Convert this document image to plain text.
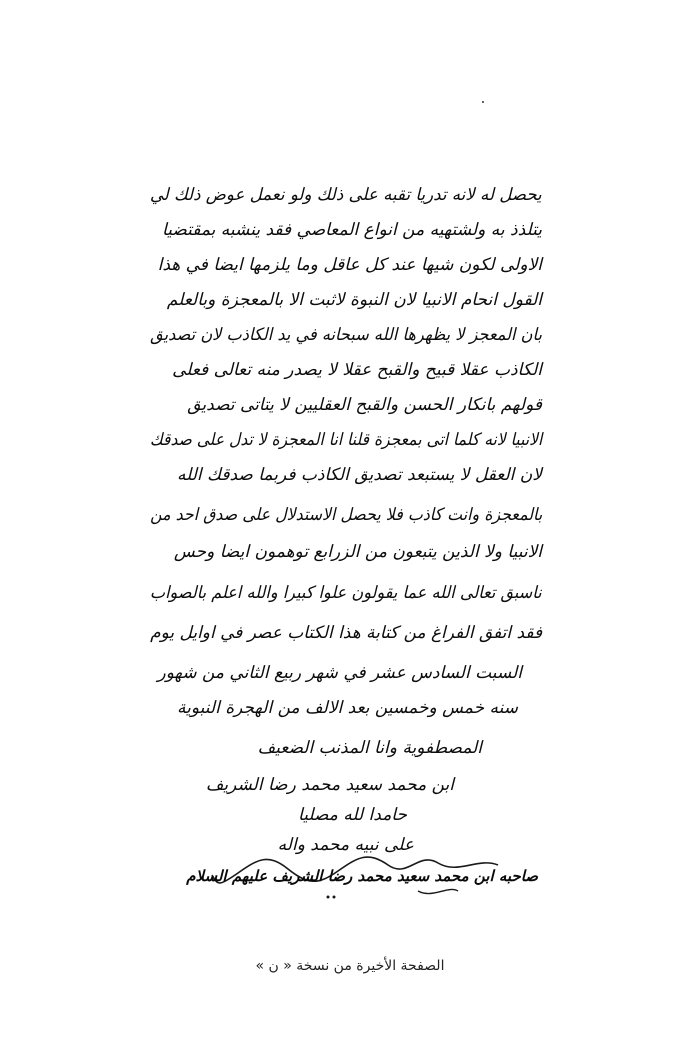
يحصل له لانه تدريا تقبه على ذلك ولو نعمل عوض ذلك لي
يتلذذ به ولشتهيه من انواع المعاصي فقد ينشبه بمقتضيا
الاولى لكون شيها عند كل عاقل وما يلزمها ايضا في هذا
القول انحام الانبيا لان النبوة لاثبت الا بالمعجزة وبالعلم
بان المعجز لا يظهرها الله سبحانه في يد الكاذب لان تصديق
الكاذب عقلا قبيح والقبح عقلا لا يصدر منه تعالى فعلى
قولهم بانكار الحسن والقبح العقليين لا يتاتى تصديق
الانبيا لانه كلما اتى بمعجزة قلنا انا المعجزة لا تدل على صدقك
لان العقل لا يستبعد تصديق الكاذب فربما صدقك الله
بالمعجزة وانت كاذب فلا يحصل الاستدلال على صدق احد من
الانبيا ولا الذين يتبعون من الزرابع توهمون ايضا وحس
ناسبق تعالى الله عما يقولون علوا كبيرا والله اعلم بالصواب
فقد اتفق الفراغ من كتابة هذا الكتاب عصر في اوايل يوم
السبت السادس عشر في شهر ربيع الثاني من شهور
سنه خمس وخمسين بعد الالف من الهجرة النبوية
المصطفوية وانا المذنب الضعيف
ابن محمد سعيد محمد رضا الشريف
حامدا لله مصليا
على نبيه محمد واله
صاحبه ابن محمد سعيد محمد رضا الشريف عليهم السلام
الصفحة الأخيرة من نسخة « ن »
